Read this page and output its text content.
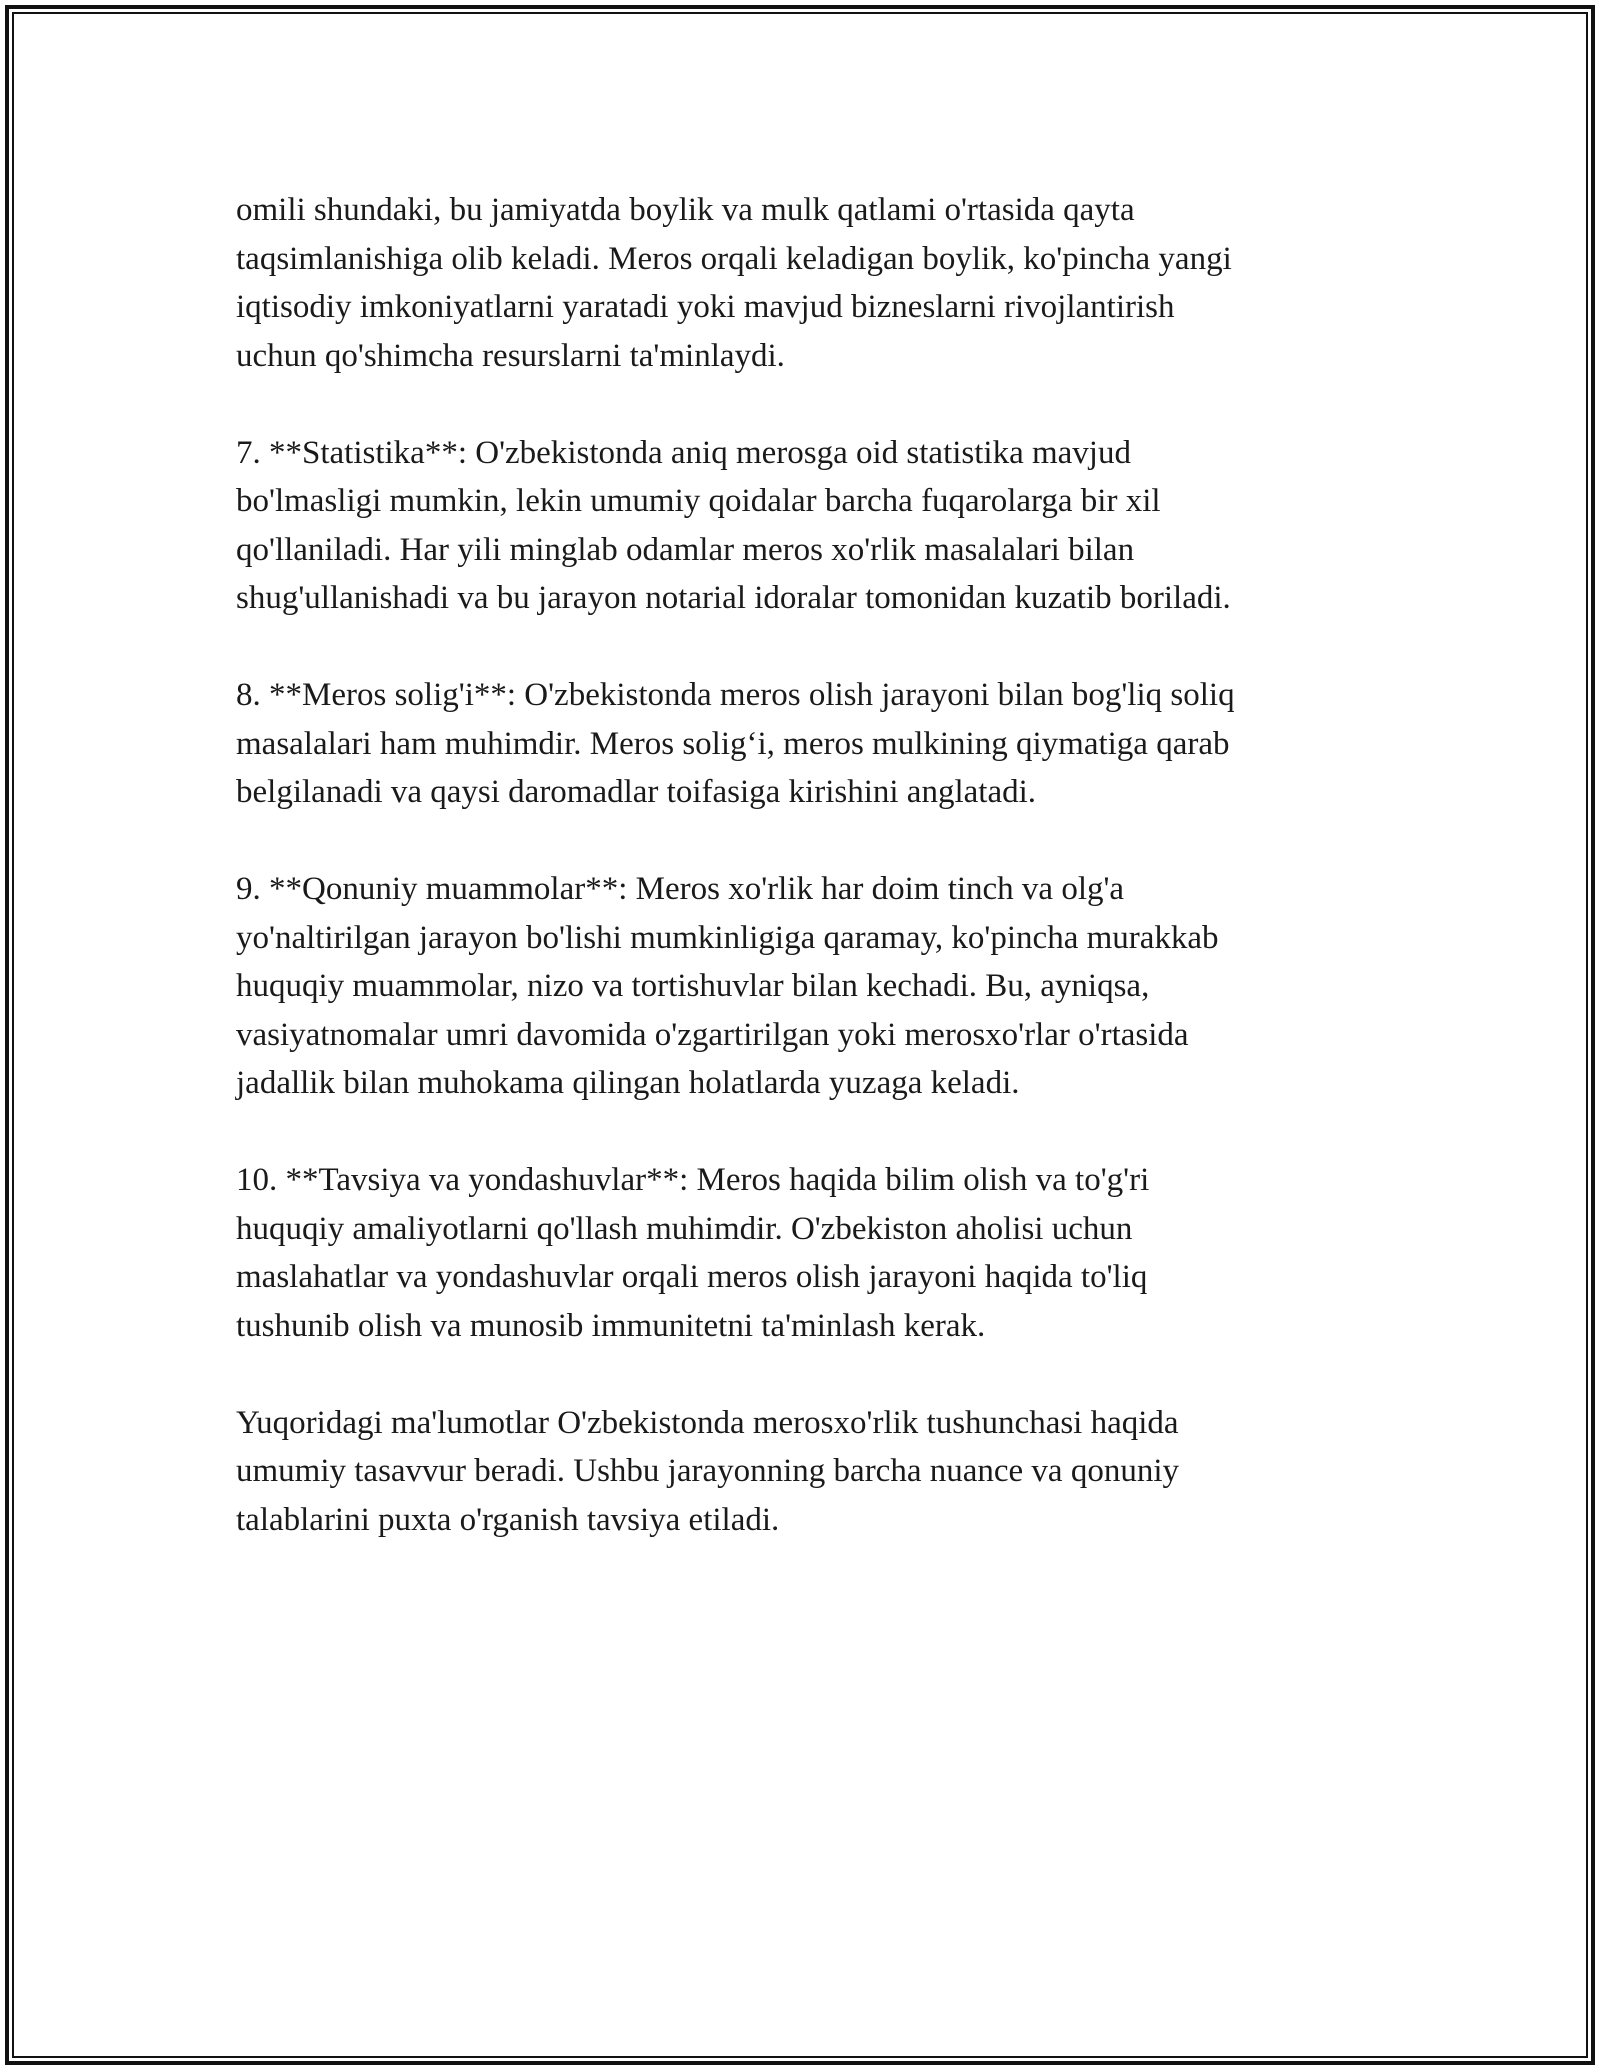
omili shundaki, bu jamiyatda boylik va mulk qatlami o'rtasida qayta
taqsimlanishiga olib keladi. Meros orqali keladigan boylik, ko'pincha yangi
iqtisodiy imkoniyatlarni yaratadi yoki mavjud bizneslarni rivojlantirish
uchun qo'shimcha resurslarni ta'minlaydi.

7. **Statistika**: O'zbekistonda aniq merosga oid statistika mavjud
bo'lmasligi mumkin, lekin umumiy qoidalar barcha fuqarolarga bir xil
qo'llaniladi. Har yili minglab odamlar meros xo'rlik masalalari bilan
shug'ullanishadi va bu jarayon notarial idoralar tomonidan kuzatib boriladi.

8. **Meros solig'i**: O'zbekistonda meros olish jarayoni bilan bog'liq soliq
masalalari ham muhimdir. Meros solig‘i, meros mulkining qiymatiga qarab
belgilanadi va qaysi daromadlar toifasiga kirishini anglatadi.

9. **Qonuniy muammolar**: Meros xo'rlik har doim tinch va olg'a
yo'naltirilgan jarayon bo'lishi mumkinligiga qaramay, ko'pincha murakkab
huquqiy muammolar, nizo va tortishuvlar bilan kechadi. Bu, ayniqsa,
vasiyatnomalar umri davomida o'zgartirilgan yoki merosxo'rlar o'rtasida
jadallik bilan muhokama qilingan holatlarda yuzaga keladi.

10. **Tavsiya va yondashuvlar**: Meros haqida bilim olish va to'g'ri
huquqiy amaliyotlarni qo'llash muhimdir. O'zbekiston aholisi uchun
maslahatlar va yondashuvlar orqali meros olish jarayoni haqida to'liq
tushunib olish va munosib immunitetni ta'minlash kerak.

Yuqoridagi ma'lumotlar O'zbekistonda merosxo'rlik tushunchasi haqida
umumiy tasavvur beradi. Ushbu jarayonning barcha nuance va qonuniy
talablarini puxta o'rganish tavsiya etiladi.
